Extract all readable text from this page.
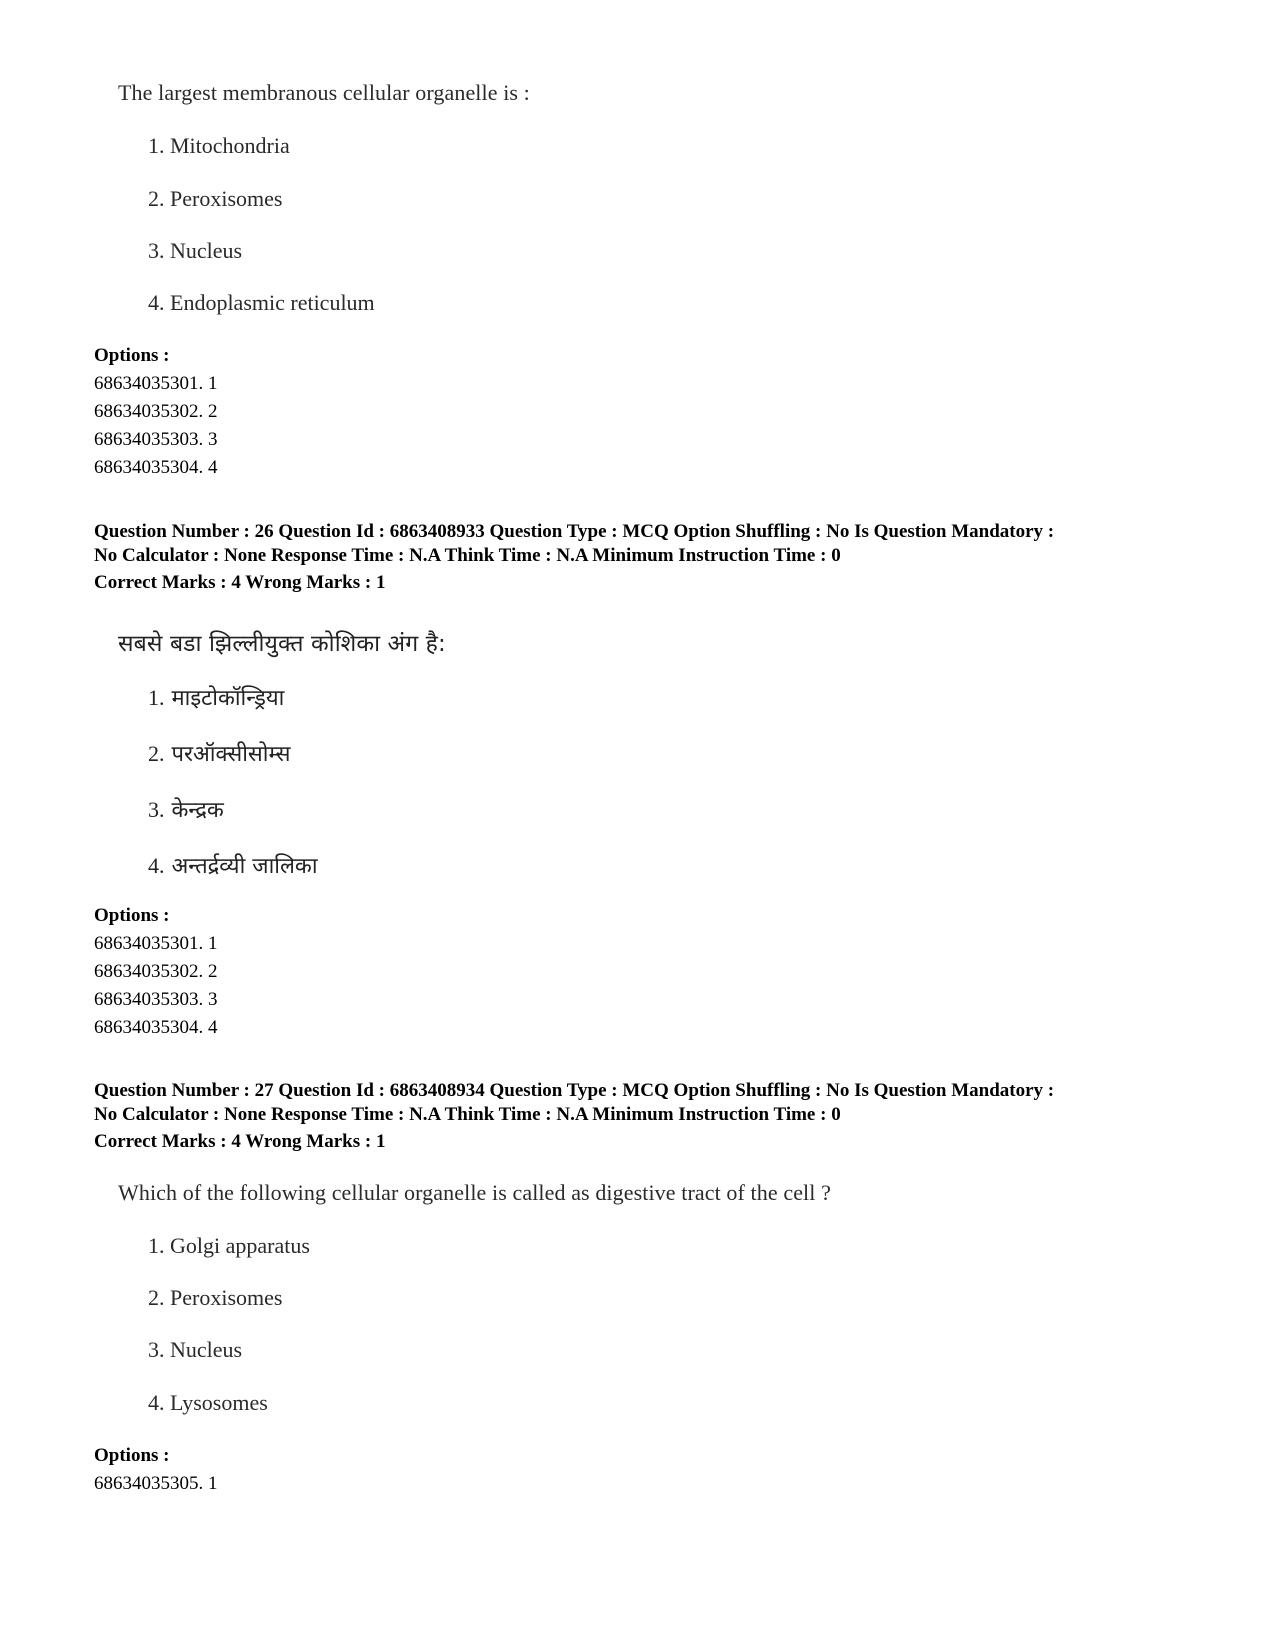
The largest membranous cellular organelle is :
1. Mitochondria
2. Peroxisomes
3. Nucleus
4. Endoplasmic reticulum
Options :
68634035301. 1
68634035302. 2
68634035303. 3
68634035304. 4
Question Number : 26 Question Id : 6863408933 Question Type : MCQ Option Shuffling : No Is Question Mandatory :
No Calculator : None Response Time : N.A Think Time : N.A Minimum Instruction Time : 0
Correct Marks : 4 Wrong Marks : 1
सबसे बडा झिल्लीयुक्त कोशिका अंग है:
1. माइटोकॉन्ड्रिया
2. परऑक्सीसोम्स
3. केन्द्रक
4. अन्तर्द्रव्यी जालिका
Options :
68634035301. 1
68634035302. 2
68634035303. 3
68634035304. 4
Question Number : 27 Question Id : 6863408934 Question Type : MCQ Option Shuffling : No Is Question Mandatory :
No Calculator : None Response Time : N.A Think Time : N.A Minimum Instruction Time : 0
Correct Marks : 4 Wrong Marks : 1
Which of the following cellular organelle is called as digestive tract of the cell ?
1. Golgi apparatus
2. Peroxisomes
3. Nucleus
4. Lysosomes
Options :
68634035305. 1
